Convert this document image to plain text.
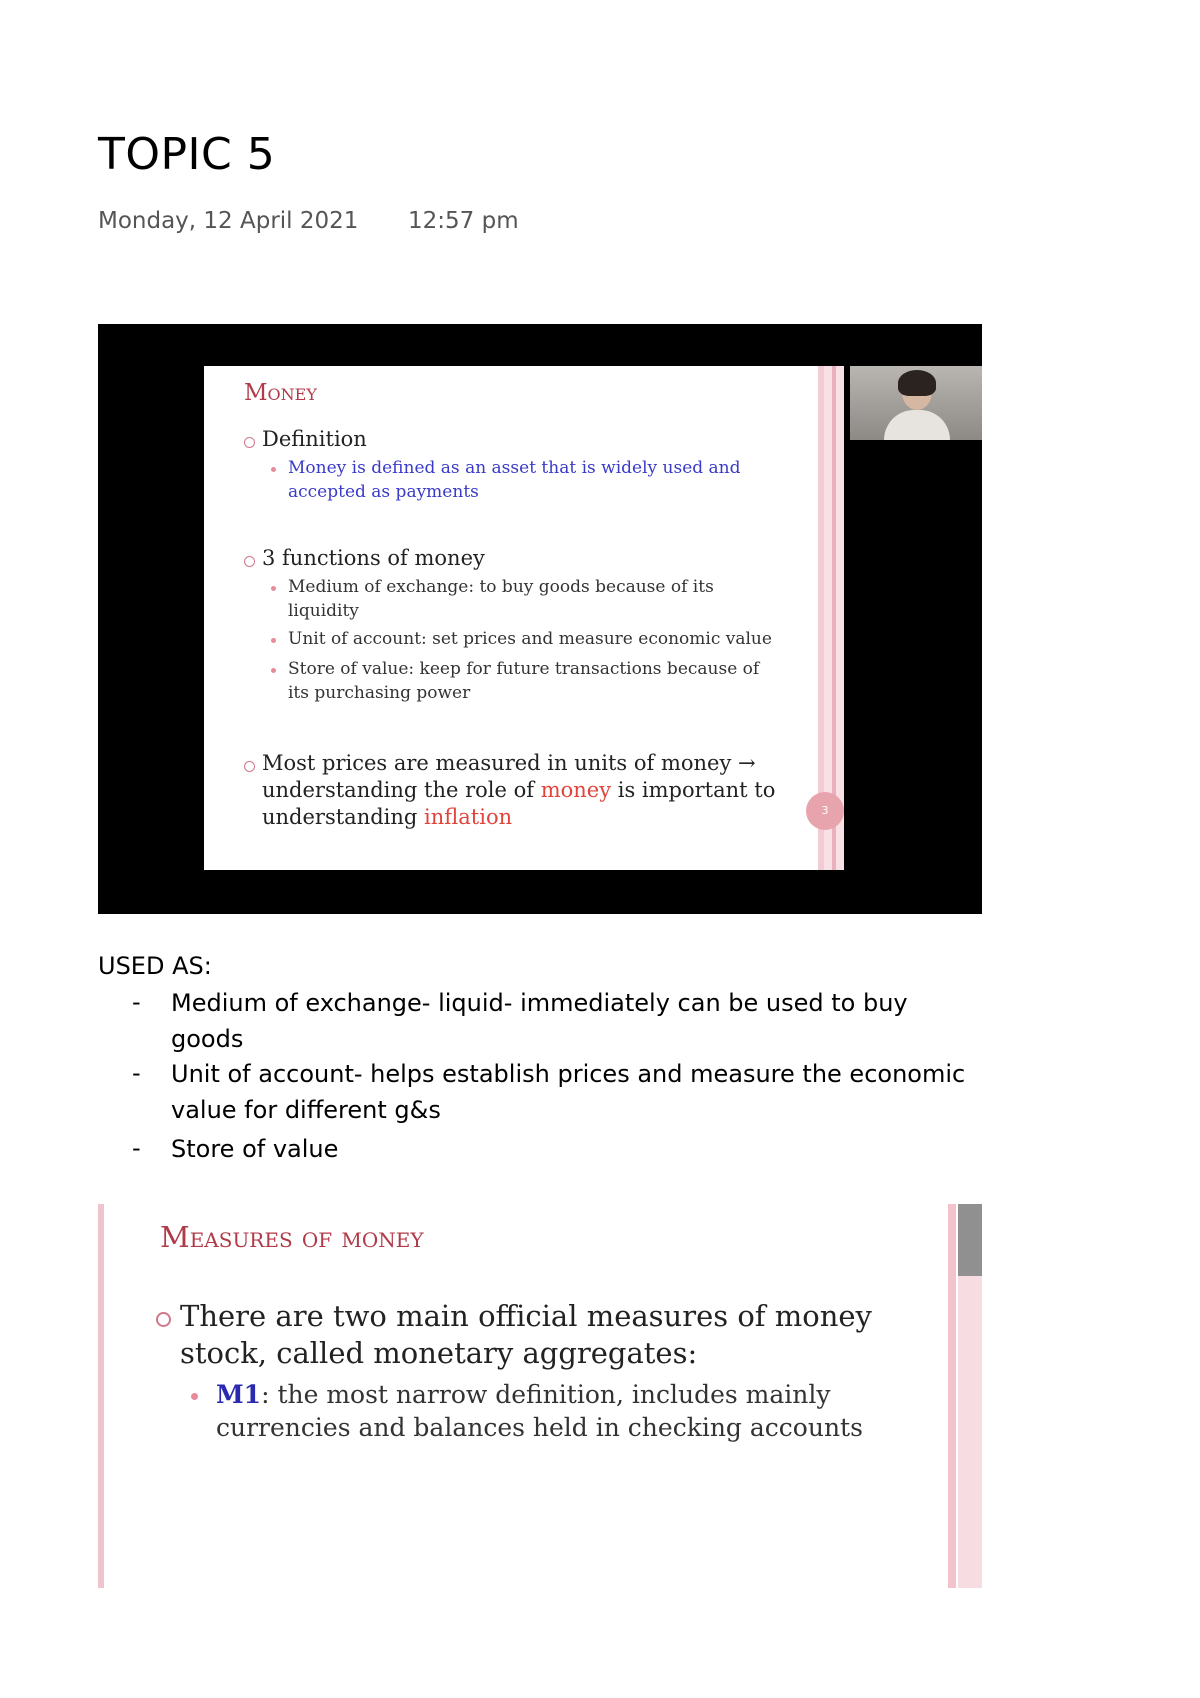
TOPIC 5
Monday, 12 April 2021 12:57 pm
Money
Definition
Money is defined as an asset that is widely used and
accepted as payments
3 functions of money
Medium of exchange: to buy goods because of its
liquidity
Unit of account: set prices and measure economic value
Store of value: keep for future transactions because of
its purchasing power
Most prices are measured in units of money →
understanding the role of money is important to
understanding inflation	3
USED AS:
- Medium of exchange- liquid- immediately can be used to buy
goods
- Unit of account- helps establish prices and measure the economic
value for different g&s
- Store of value
Measures of money
There are two main official measures of money
stock, called monetary aggregates:
M1: the most narrow definition, includes mainly
currencies and balances held in checking accounts
